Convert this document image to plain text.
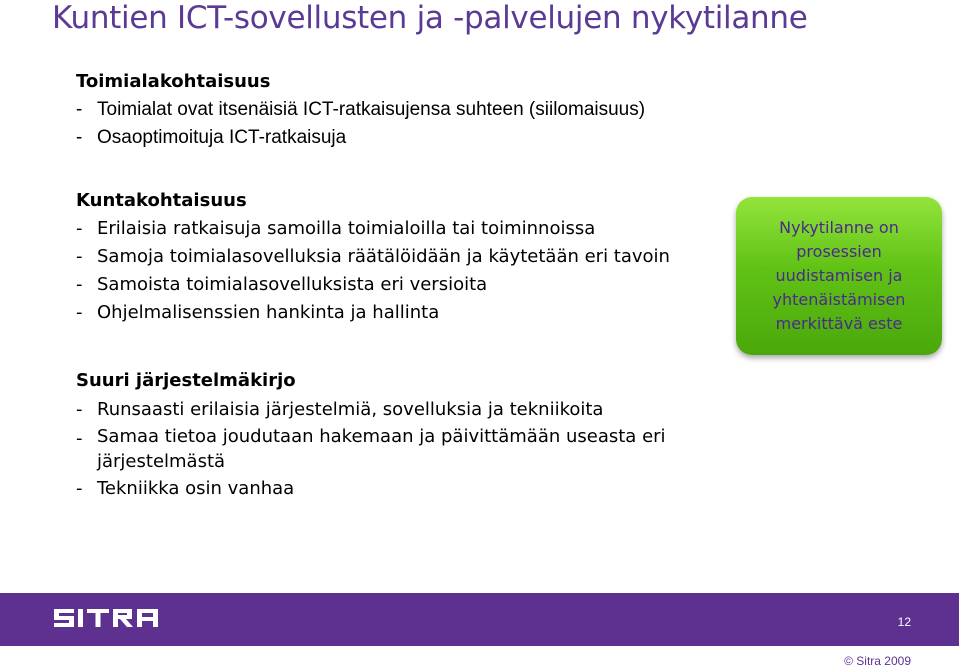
Kuntien ICT-sovellusten ja -palvelujen nykytilanne
Toimialakohtaisuus
- Toimialat ovat itsenäisiä ICT-ratkaisujensa suhteen (siilomaisuus)
- Osaoptimoituja ICT-ratkaisuja
Kuntakohtaisuus
- Erilaisia ratkaisuja samoilla toimialoilla tai toiminnoissa
- Samoja toimialasovelluksia räätälöidään ja käytetään eri tavoin
- Samoista toimialasovelluksista eri versioita
- Ohjelmalisenssien hankinta ja hallinta
Suuri järjestelmäkirjo
- Runsaasti erilaisia järjestelmiä, sovelluksia ja tekniikoita
- Samaa tietoa joudutaan hakemaan ja päivittämään useasta eri järjestelmästä
- Tekniikka osin vanhaa
Nykytilanne on prosessien uudistamisen ja yhtenäistämisen merkittävä este
12
© Sitra 2009
